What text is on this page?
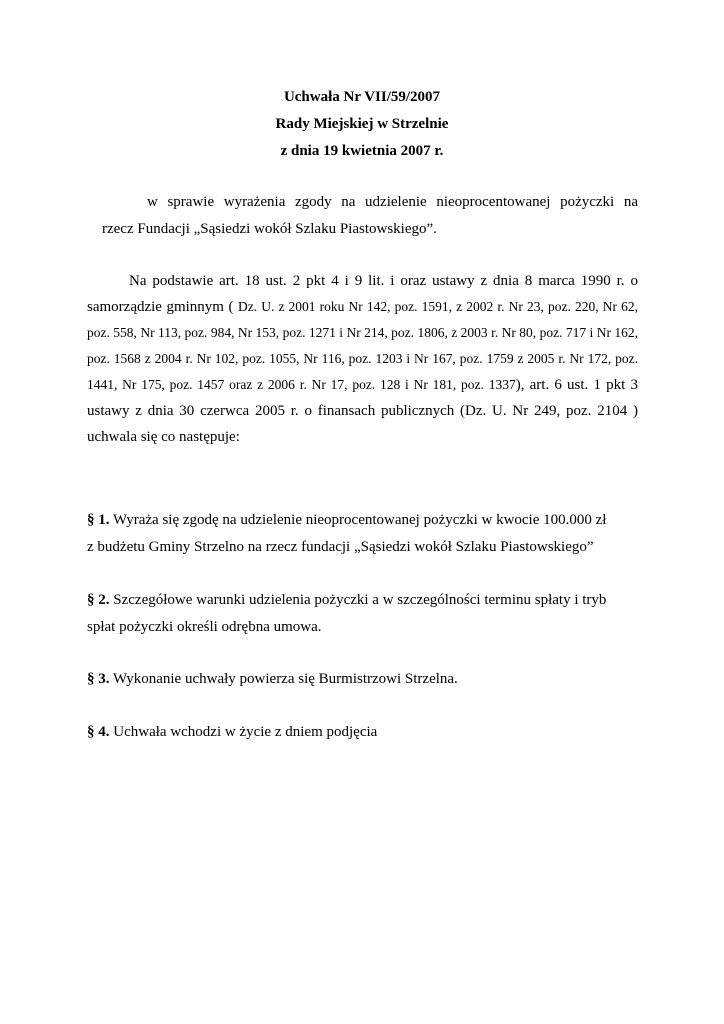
Uchwała Nr VII/59/2007
Rady Miejskiej w Strzelnie
z dnia 19 kwietnia 2007 r.
w sprawie wyrażenia zgody na udzielenie nieoprocentowanej pożyczki na
rzecz Fundacji „Sąsiedzi wokół Szlaku Piastowskiego”.
Na podstawie art. 18 ust. 2 pkt 4 i 9 lit. i oraz ustawy z dnia 8 marca 1990 r. o samorządzie gminnym ( Dz. U. z 2001 roku Nr 142, poz. 1591, z 2002 r. Nr 23, poz. 220, Nr 62, poz. 558, Nr 113, poz. 984, Nr 153, poz. 1271 i Nr 214, poz. 1806, z 2003 r. Nr 80, poz. 717 i Nr 162, poz. 1568 z 2004 r. Nr 102, poz. 1055, Nr 116, poz. 1203 i Nr 167, poz. 1759 z 2005 r. Nr 172, poz. 1441, Nr 175, poz. 1457 oraz z 2006 r. Nr 17, poz. 128 i Nr 181, poz. 1337), art. 6 ust. 1 pkt 3 ustawy z dnia 30 czerwca 2005 r. o finansach publicznych (Dz. U. Nr 249, poz. 2104 ) uchwala się co następuje:
§ 1. Wyraża się zgodę na udzielenie nieoprocentowanej pożyczki w kwocie 100.000 zł
z budżetu Gminy Strzelno na rzecz fundacji „Sąsiedzi wokół Szlaku Piastowskiego”
§ 2. Szczegółowe warunki udzielenia pożyczki a w szczególności terminu spłaty i tryb
spłat pożyczki określi odrębna umowa.
§ 3. Wykonanie uchwały powierza się Burmistrzowi Strzelna.
§ 4. Uchwała wchodzi w życie z dniem podjęcia
